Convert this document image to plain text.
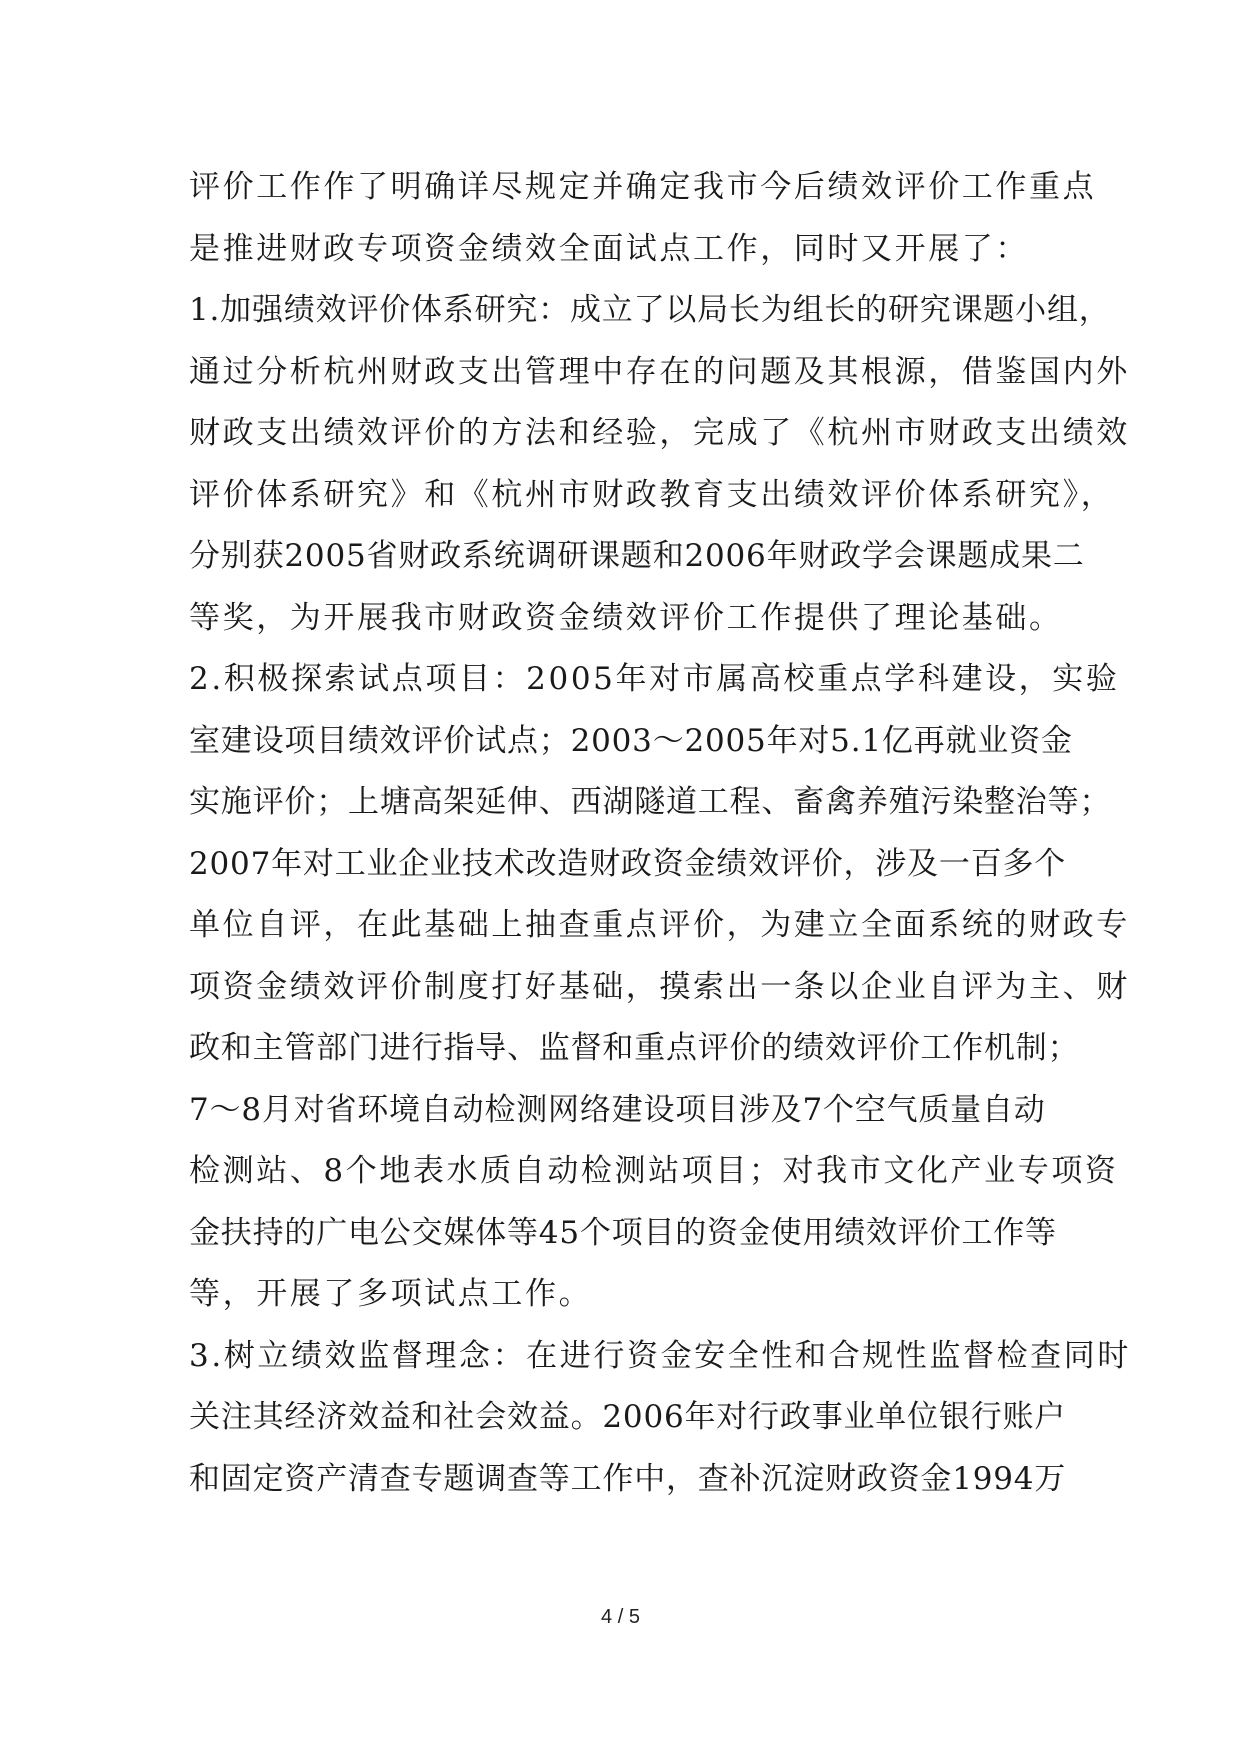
评价工作作了明确详尽规定并确定我市今后绩效评价工作重点
是推进财政专项资金绩效全面试点工作，同时又开展了：
1.加强绩效评价体系研究：成立了以局长为组长的研究课题小组，
通过分析杭州财政支出管理中存在的问题及其根源，借鉴国内外
财政支出绩效评价的方法和经验，完成了《杭州市财政支出绩效
评价体系研究》和《杭州市财政教育支出绩效评价体系研究》，
分别获2005省财政系统调研课题和2006年财政学会课题成果二
等奖，为开展我市财政资金绩效评价工作提供了理论基础。
2.积极探索试点项目：2005年对市属高校重点学科建设，实验
室建设项目绩效评价试点；2003～2005年对5.1亿再就业资金
实施评价；上塘高架延伸、西湖隧道工程、畜禽养殖污染整治等；
2007年对工业企业技术改造财政资金绩效评价，涉及一百多个
单位自评，在此基础上抽查重点评价，为建立全面系统的财政专
项资金绩效评价制度打好基础，摸索出一条以企业自评为主、财
政和主管部门进行指导、监督和重点评价的绩效评价工作机制；
7～8月对省环境自动检测网络建设项目涉及7个空气质量自动
检测站、8个地表水质自动检测站项目；对我市文化产业专项资
金扶持的广电公交媒体等45个项目的资金使用绩效评价工作等
等，开展了多项试点工作。
3.树立绩效监督理念：在进行资金安全性和合规性监督检查同时
关注其经济效益和社会效益。2006年对行政事业单位银行账户
和固定资产清查专题调查等工作中，查补沉淀财政资金1994万
4 / 5
